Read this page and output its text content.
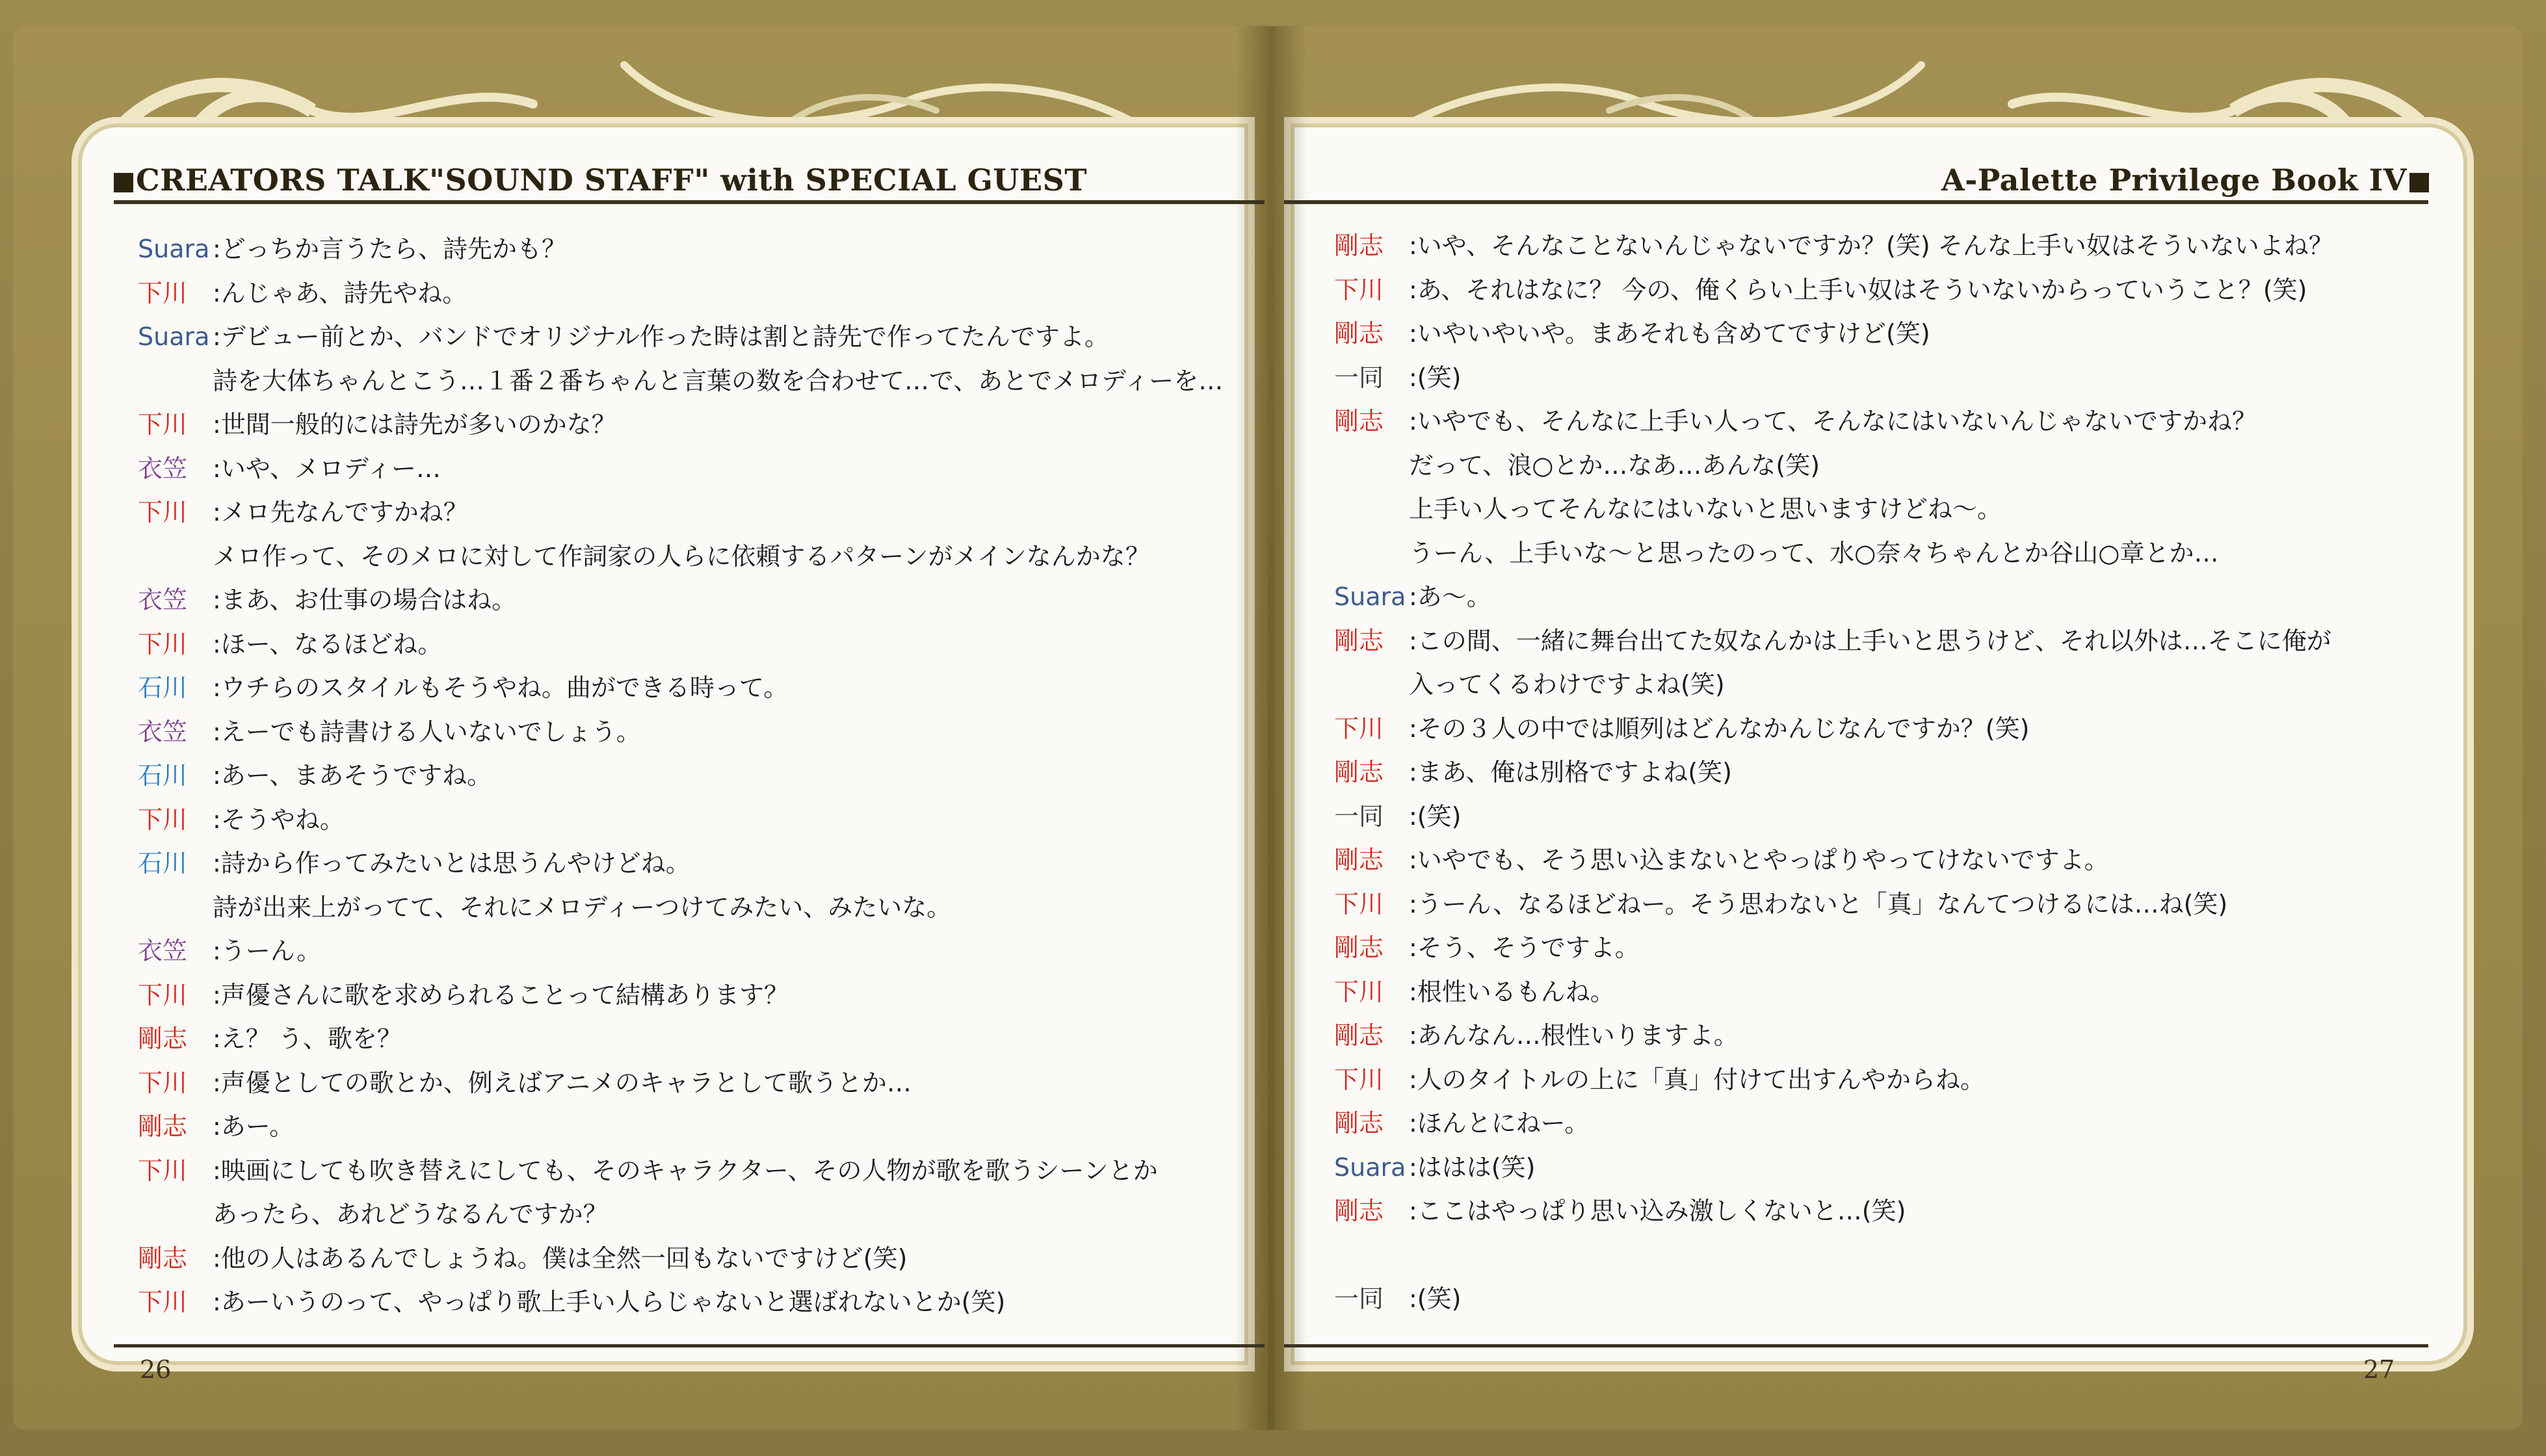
CREATORS TALK"SOUND STAFF" with SPECIAL GUEST	A-Palette Privilege Book IV
Suara :どっちか言うたら、詩先かも？
下川	:んじゃあ、詩先やね。
Suara :デビュー前とか、バンドでオリジナル作った時は割と詩先で作ってたんですよ。
詩を大体ちゃんとこう…１番２番ちゃんと言葉の数を合わせて…で、あとでメロディーを…
下川	:世間一般的には詩先が多いのかな？
衣笠	:いや、メロディー…
下川	:メロ先なんですかね？
メロ作って、そのメロに対して作詞家の人らに依頼するパターンがメインなんかな？
衣笠	:まあ、お仕事の場合はね。
下川	:ほー、なるほどね。
石川	:ウチらのスタイルもそうやね。曲ができる時って。
衣笠	:えーでも詩書ける人いないでしょう。
石川	:あー、まあそうですね。
下川	:そうやね。
石川	:詩から作ってみたいとは思うんやけどね。
詩が出来上がってて、それにメロディーつけてみたい、みたいな。
衣笠	:うーん。
下川	:声優さんに歌を求められることって結構あります？
剛志	:え？ う、歌を？
下川	:声優としての歌とか、例えばアニメのキャラとして歌うとか…
剛志	:あー。
下川	:映画にしても吹き替えにしても、そのキャラクター、その人物が歌を歌うシーンとか
あったら、あれどうなるんですか？
剛志	:他の人はあるんでしょうね。僕は全然一回もないですけど(笑)
下川	:あーいうのって、やっぱり歌上手い人らじゃないと選ばれないとか(笑)
剛志	:いや、そんなことないんじゃないですか？(笑) そんな上手い奴はそういないよね？
下川	:あ、それはなに？ 今の、俺くらい上手い奴はそういないからっていうこと？(笑)
剛志	:いやいやいや。まあそれも含めてですけど(笑)
一同	:(笑)
剛志	:いやでも、そんなに上手い人って、そんなにはいないんじゃないですかね？
だって、浪○とか…なあ…あんな(笑)
上手い人ってそんなにはいないと思いますけどね〜。
うーん、上手いな〜と思ったのって、水○奈々ちゃんとか谷山○章とか…
Suara :あ〜。
剛志	:この間、一緒に舞台出てた奴なんかは上手いと思うけど、それ以外は…そこに俺が
入ってくるわけですよね(笑)
下川	:その３人の中では順列はどんなかんじなんですか？(笑)
剛志	:まあ、俺は別格ですよね(笑)
一同	:(笑)
剛志	:いやでも、そう思い込まないとやっぱりやってけないですよ。
下川	:うーん、なるほどねー。そう思わないと「真」なんてつけるには…ね(笑)
剛志	:そう、そうですよ。
下川	:根性いるもんね。
剛志	:あんなん…根性いりますよ。
下川	:人のタイトルの上に「真」付けて出すんやからね。
剛志	:ほんとにねー。
Suara :ははは(笑)
剛志	:ここはやっぱり思い込み激しくないと…(笑)
一同	:(笑)
26	27
